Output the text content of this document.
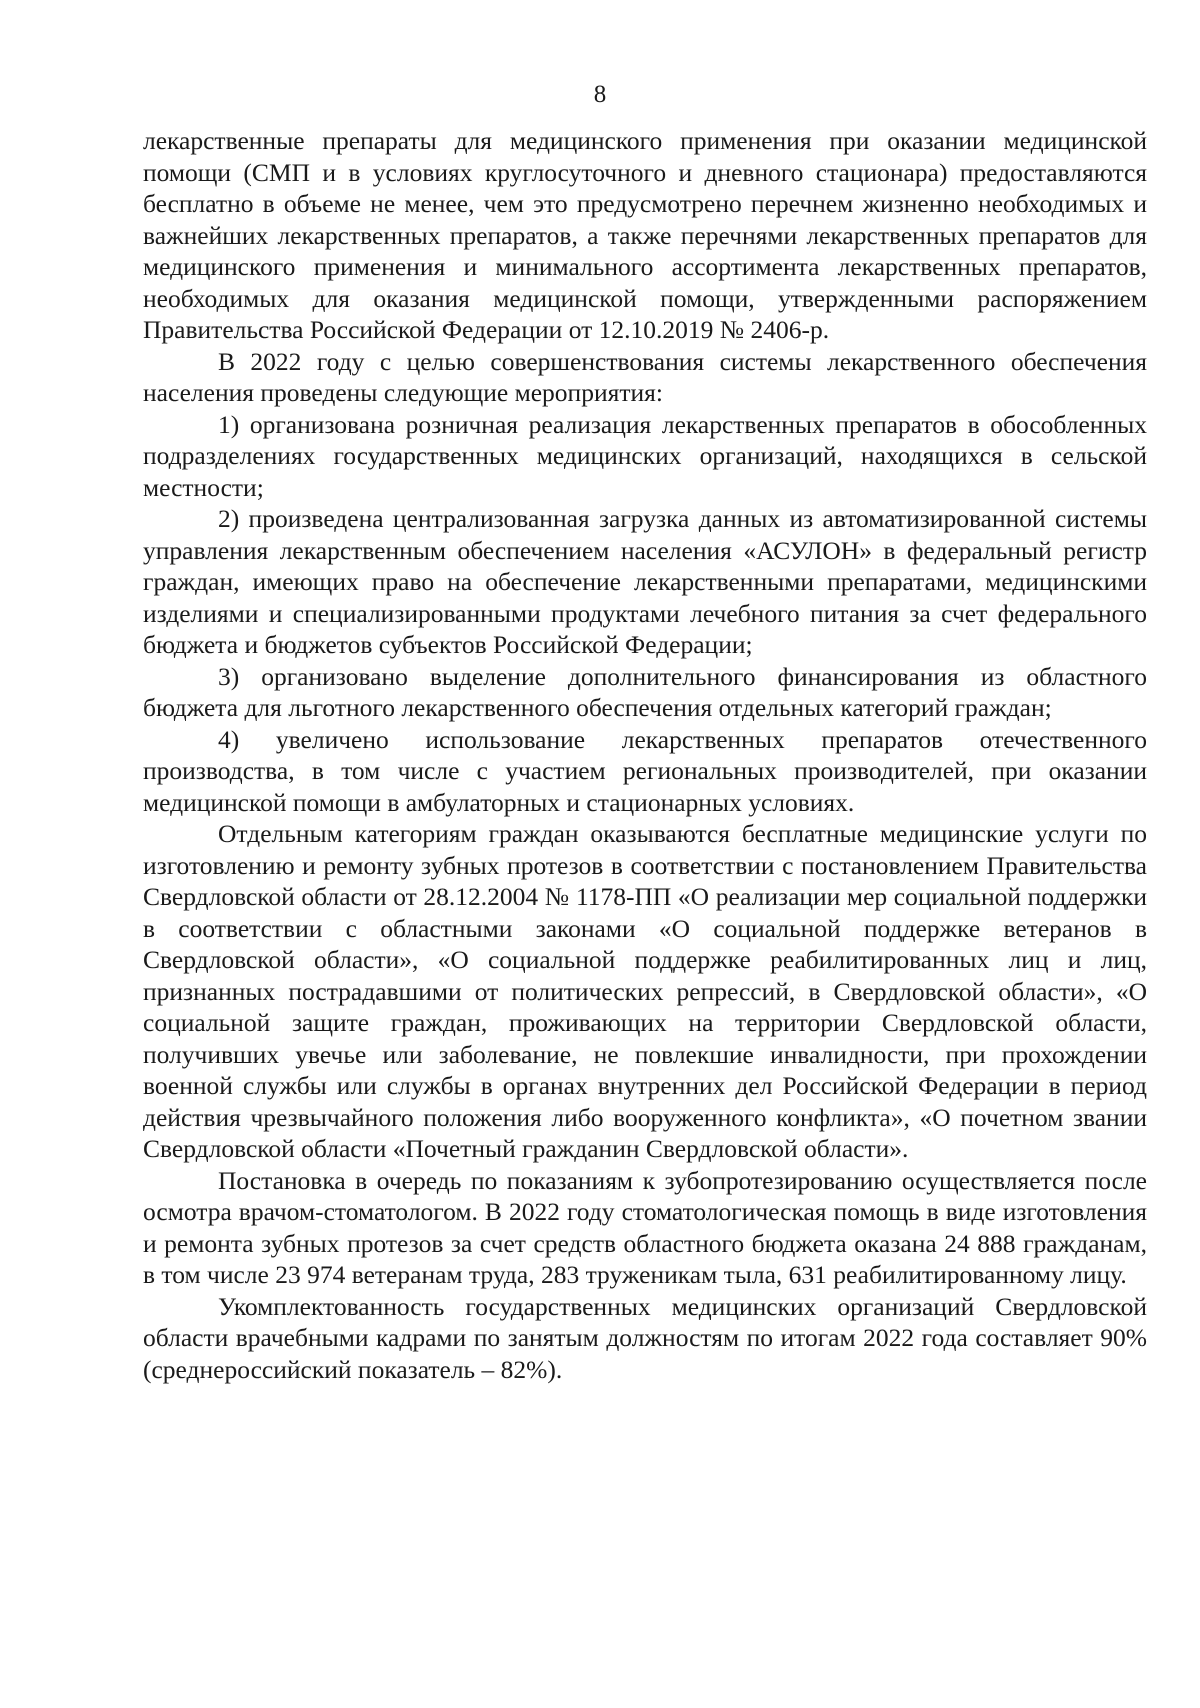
8

лекарственные препараты для медицинского применения при оказании медицинской помощи (СМП и в условиях круглосуточного и дневного стационара) предоставляются бесплатно в объеме не менее, чем это предусмотрено перечнем жизненно необходимых и важнейших лекарственных препаратов, а также перечнями лекарственных препаратов для медицинского применения и минимального ассортимента лекарственных препаратов, необходимых для оказания медицинской помощи, утвержденными распоряжением Правительства Российской Федерации от 12.10.2019 № 2406-р.

В 2022 году с целью совершенствования системы лекарственного обеспечения населения проведены следующие мероприятия:

1) организована розничная реализация лекарственных препаратов в обособленных подразделениях государственных медицинских организаций, находящихся в сельской местности;

2) произведена централизованная загрузка данных из автоматизированной системы управления лекарственным обеспечением населения «АСУЛОН» в федеральный регистр граждан, имеющих право на обеспечение лекарственными препаратами, медицинскими изделиями и специализированными продуктами лечебного питания за счет федерального бюджета и бюджетов субъектов Российской Федерации;

3) организовано выделение дополнительного финансирования из областного бюджета для льготного лекарственного обеспечения отдельных категорий граждан;

4) увеличено использование лекарственных препаратов отечественного производства, в том числе с участием региональных производителей, при оказании медицинской помощи в амбулаторных и стационарных условиях.

Отдельным категориям граждан оказываются бесплатные медицинские услуги по изготовлению и ремонту зубных протезов в соответствии с постановлением Правительства Свердловской области от 28.12.2004 № 1178-ПП «О реализации мер социальной поддержки в соответствии с областными законами «О социальной поддержке ветеранов в Свердловской области», «О социальной поддержке реабилитированных лиц и лиц, признанных пострадавшими от политических репрессий, в Свердловской области», «О социальной защите граждан, проживающих на территории Свердловской области, получивших увечье или заболевание, не повлекшие инвалидности, при прохождении военной службы или службы в органах внутренних дел Российской Федерации в период действия чрезвычайного положения либо вооруженного конфликта», «О почетном звании Свердловской области «Почетный гражданин Свердловской области».

Постановка в очередь по показаниям к зубопротезированию осуществляется после осмотра врачом-стоматологом. В 2022 году стоматологическая помощь в виде изготовления и ремонта зубных протезов за счет средств областного бюджета оказана 24 888 гражданам, в том числе 23 974 ветеранам труда, 283 труженикам тыла, 631 реабилитированному лицу.

Укомплектованность государственных медицинских организаций Свердловской области врачебными кадрами по занятым должностям по итогам 2022 года составляет 90% (среднероссийский показатель – 82%).
